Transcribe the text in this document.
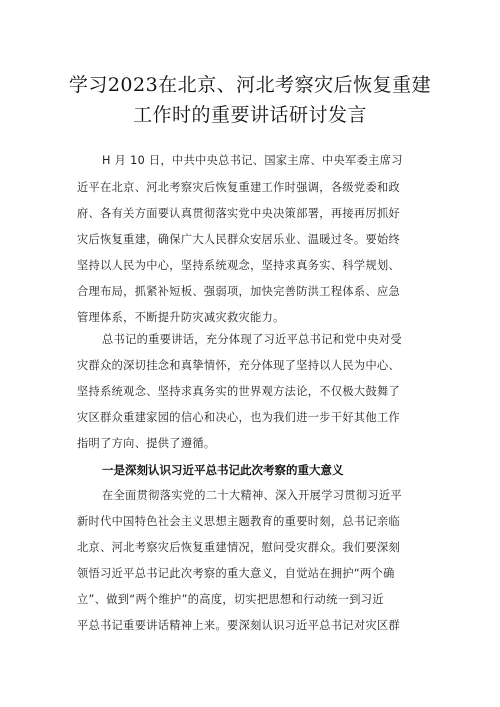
学习2023在北京、河北考察灾后恢复重建
工作时的重要讲话研讨发言
H 月 10 日，中共中央总书记、国家主席、中央军委主席习
近平在北京、河北考察灾后恢复重建工作时强调，各级党委和政
府、各有关方面要认真贯彻落实党中央决策部署，再接再厉抓好
灾后恢复重建，确保广大人民群众安居乐业、温暖过冬。要始终
坚持以人民为中心，坚持系统观念，坚持求真务实、科学规划、
合理布局，抓紧补短板、强弱项，加快完善防洪工程体系、应急
管理体系，不断提升防灾减灾救灾能力。
总书记的重要讲话，充分体现了习近平总书记和党中央对受
灾群众的深切挂念和真挚情怀，充分体现了坚持以人民为中心、
坚持系统观念、坚持求真务实的世界观方法论，不仅极大鼓舞了
灾区群众重建家园的信心和决心，也为我们进一步干好其他工作
指明了方向、提供了遵循。
一是深刻认识习近平总书记此次考察的重大意义
在全面贯彻落实党的二十大精神、深入开展学习贯彻习近平
新时代中国特色社会主义思想主题教育的重要时刻，总书记亲临
北京、河北考察灾后恢复重建情况，慰问受灾群众。我们要深刻
领悟习近平总书记此次考察的重大意义，自觉站在拥护“两个确
立”、做到“两个维护”的高度，切实把思想和行动统一到习近
平总书记重要讲话精神上来。要深刻认识习近平总书记对灾区群
